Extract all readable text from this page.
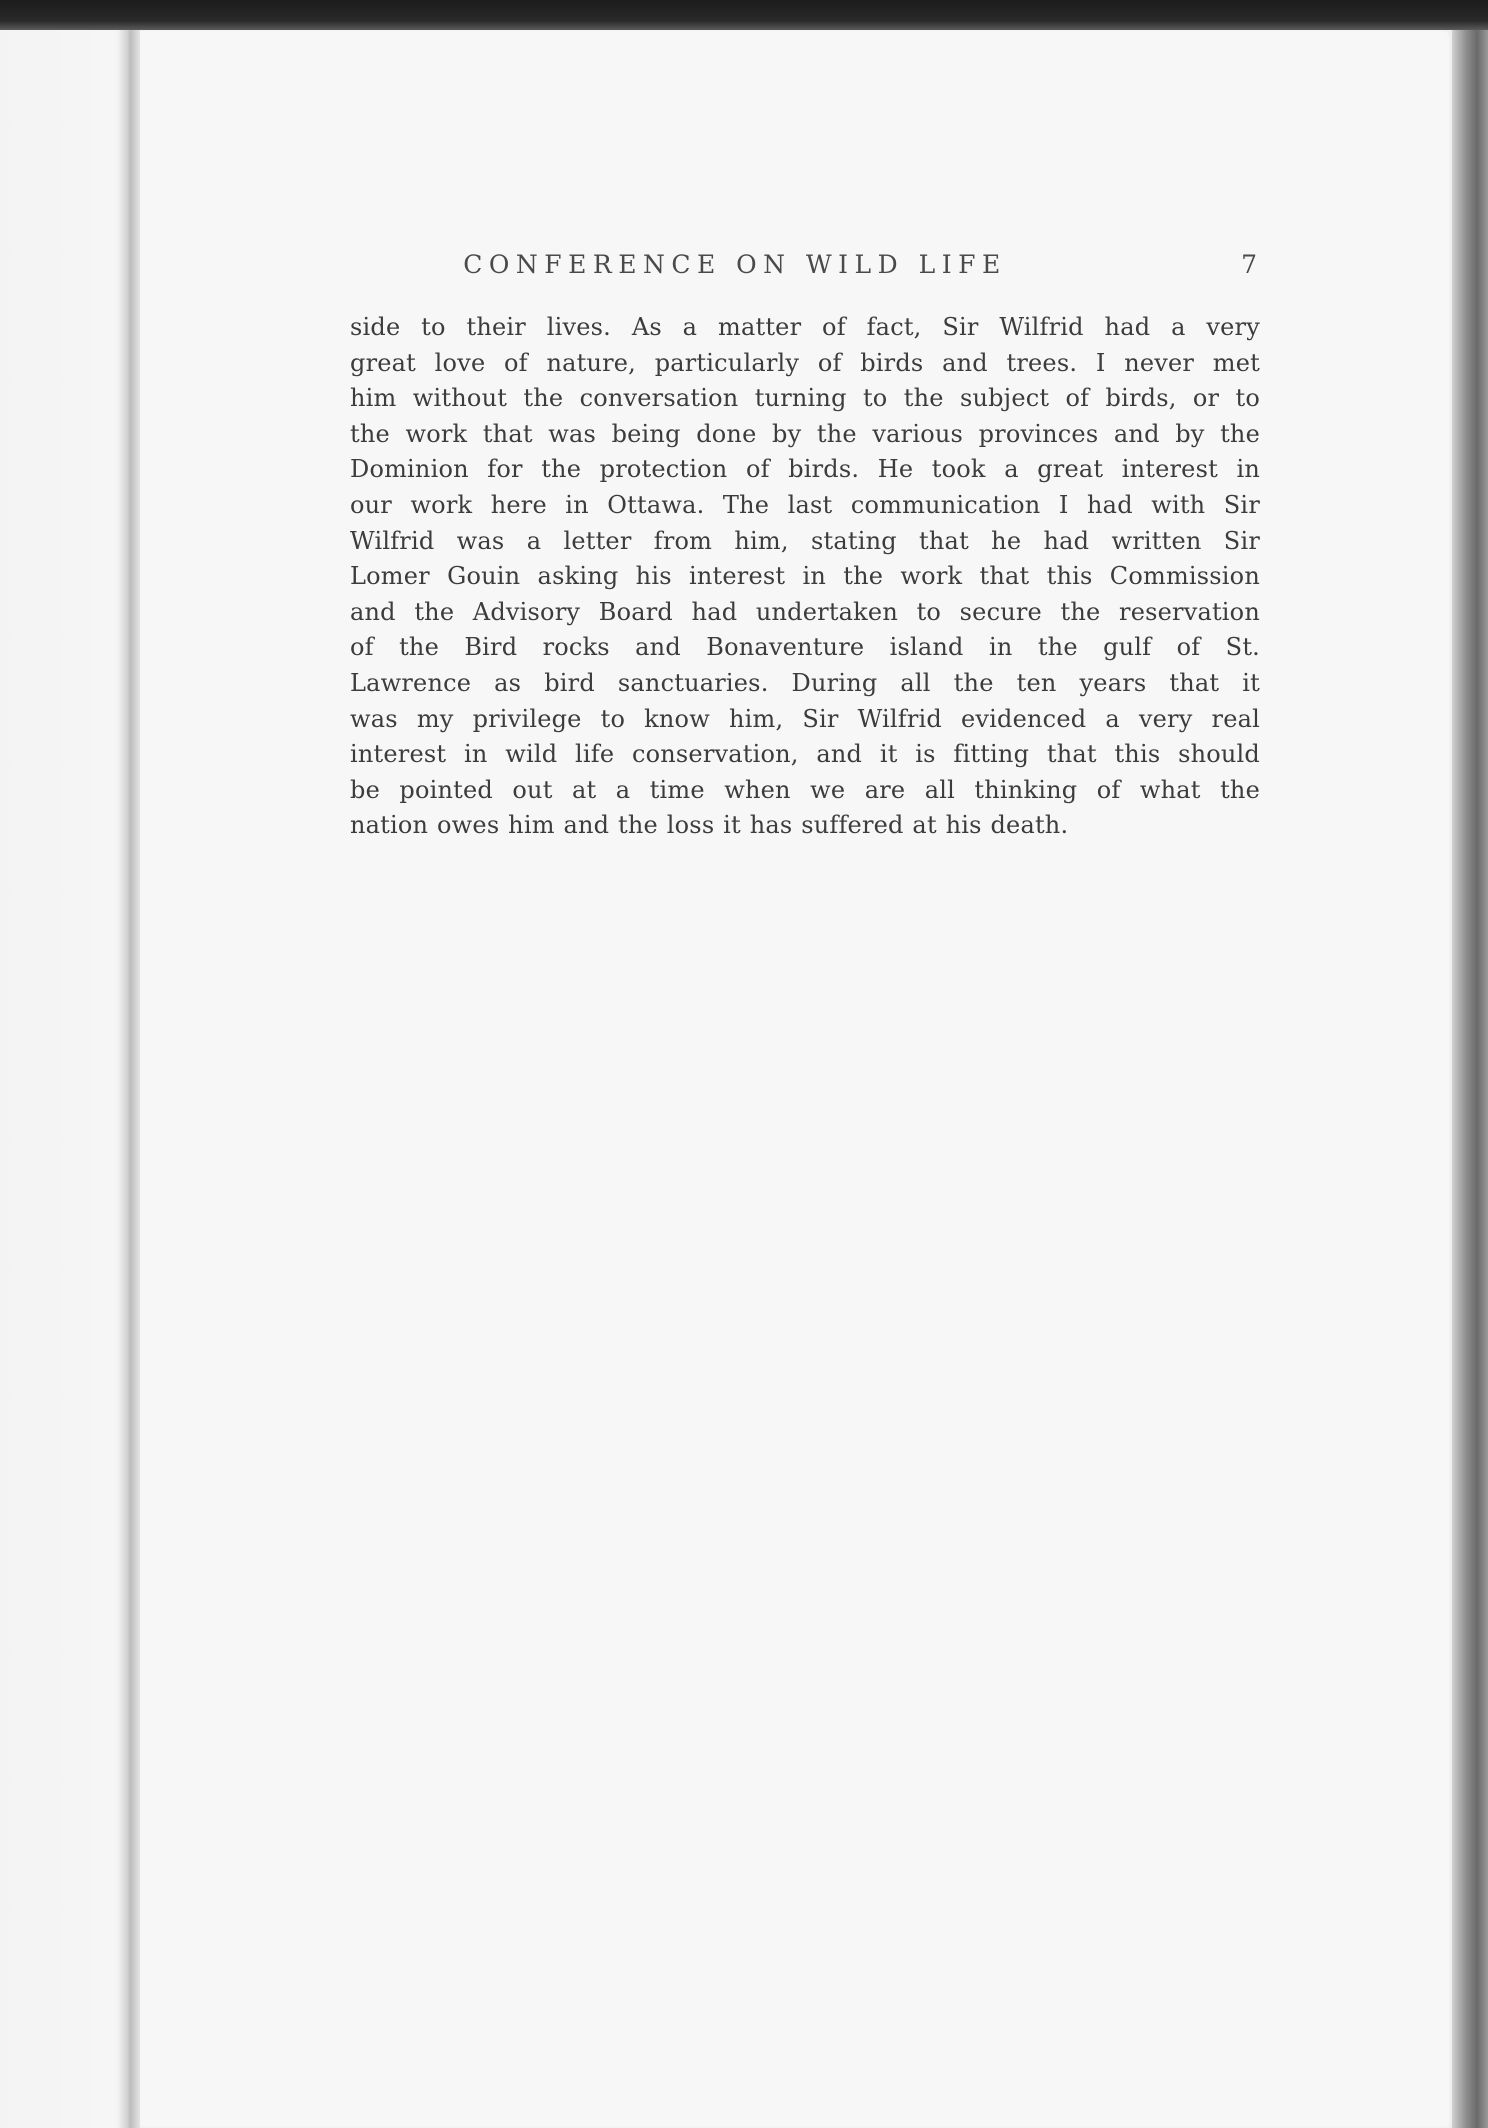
CONFERENCE ON WILD LIFE	7
side to their lives. As a matter of fact, Sir Wilfrid had a very
great love of nature, particularly of birds and trees. I never met
him without the conversation turning to the subject of birds, or to
the work that was being done by the various provinces and by the
Dominion for the protection of birds. He took a great interest in
our work here in Ottawa. The last communication I had with Sir
Wilfrid was a letter from him, stating that he had written Sir
Lomer Gouin asking his interest in the work that this Commission
and the Advisory Board had undertaken to secure the reservation
of the Bird rocks and Bonaventure island in the gulf of St.
Lawrence as bird sanctuaries. During all the ten years that it
was my privilege to know him, Sir Wilfrid evidenced a very real
interest in wild life conservation, and it is fitting that this should
be pointed out at a time when we are all thinking of what the
nation owes him and the loss it has suffered at his death.
